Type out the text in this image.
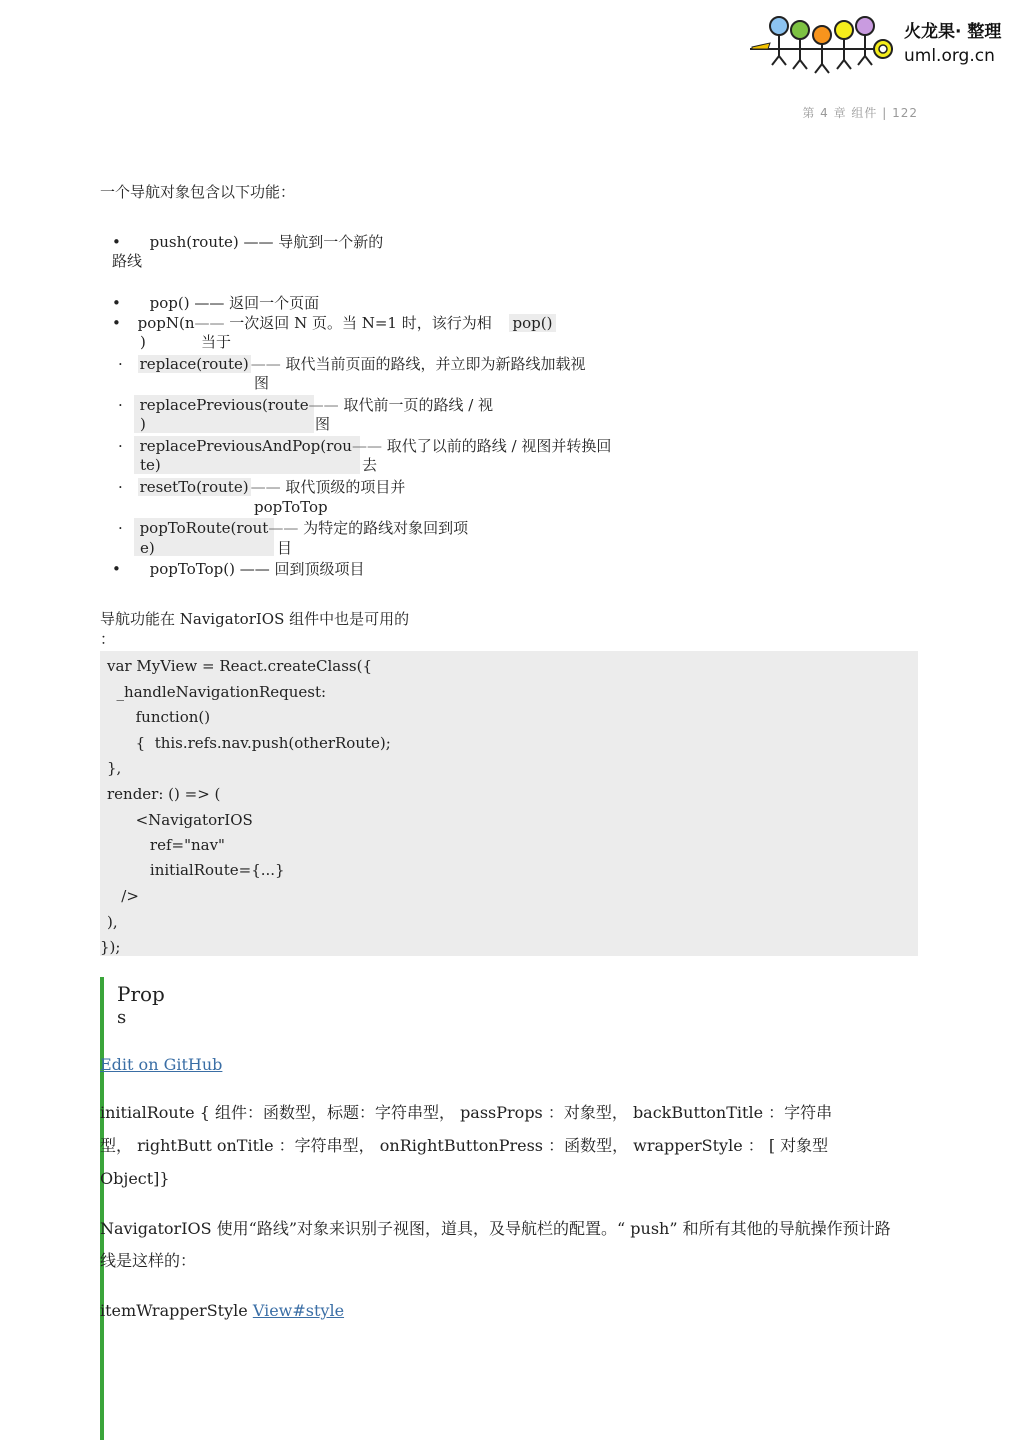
火龙果· 整理
uml.org.cn
第 4 章 组件 | 122
一个导航对象包含以下功能：
• push(route) —— 导航到一个新的
路线
• pop() —— 返回一个页面
• popN(n—— 一次返回 N 页。当 N=1 时，该行为相 pop()
)	当于
· replace(route) —— 取代当前页面的路线，并立即为新路线加载视
图
· replacePrevious(route—— 取代前一页的路线 / 视
)	图
· replacePreviousAndPop(rou—— 取代了以前的路线 / 视图并转换回
te)	去
· resetTo(route) —— 取代顶级的项目并
popToTop
· popToRoute(rout—— 为特定的路线对象回到项
e)	目
• popToTop() —— 回到顶级项目
导航功能在 NavigatorIOS 组件中也是可用的
：
var MyView = React.createClass({
_handleNavigationRequest:
function()
{  this.refs.nav.push(otherRoute);
},
render: () => (
<NavigatorIOS
ref="nav"
initialRoute={...}
/>
),
});
Prop
s
Edit on GitHub
initialRoute { 组件：函数型，标题：字符串型， passProps ：对象型， backButtonTitle ：字符串
型， rightButt onTitle ：字符串型， onRightButtonPress ：函数型， wrapperStyle ： [ 对象型
Object]}
NavigatorIOS 使用“路线”对象来识别子视图，道具，及导航栏的配置。“ push” 和所有其他的导航操作预计路
线是这样的：
itemWrapperStyle View#style
